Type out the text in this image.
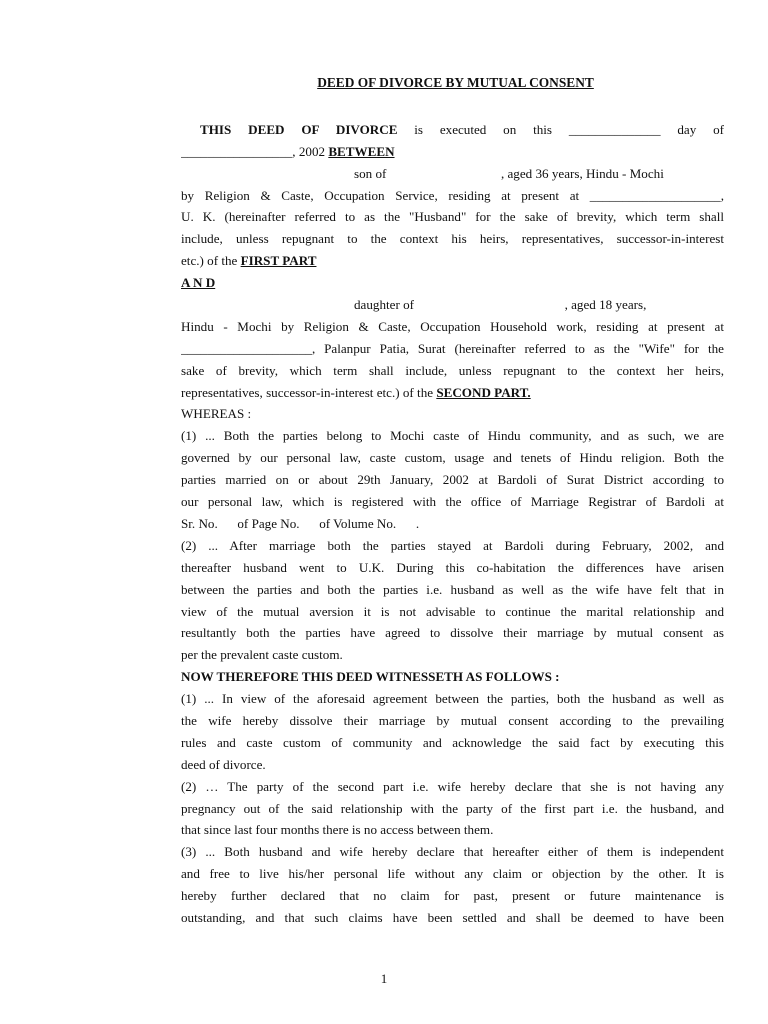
DEED OF DIVORCE BY MUTUAL CONSENT
THIS DEED OF DIVORCE is executed on this ______________ day of
_________________, 2002 BETWEEN
son of                                   , aged 36 years, Hindu - Mochi
by Religion & Caste, Occupation Service, residing at present at ____________________,
U. K. (hereinafter referred to as the "Husband" for the sake of brevity, which term shall
include, unless repugnant to the context his heirs, representatives, successor-in-interest
etc.) of the FIRST PART
A N D
daughter of                                              , aged 18 years,
Hindu - Mochi by Religion & Caste, Occupation Household work, residing at present at
____________________, Palanpur Patia, Surat (hereinafter referred to as the "Wife" for the
sake of brevity, which term shall include, unless repugnant to the context her heirs,
representatives, successor-in-interest etc.) of the SECOND PART.
WHEREAS :
(1) ... Both the parties belong to Mochi caste of Hindu community, and as such, we are
governed by our personal law, caste custom, usage and tenets of Hindu religion. Both the
parties married on or about 29th January, 2002 at Bardoli of Surat District according to
our personal law, which is registered with the office of Marriage Registrar of Bardoli at
Sr. No.      of Page No.      of Volume No.      .
(2) ... After marriage both the parties stayed at Bardoli during February, 2002, and
thereafter husband went to U.K. During this co-habitation the differences have arisen
between the parties and both the parties i.e. husband as well as the wife have felt that in
view of the mutual aversion it is not advisable to continue the marital relationship and
resultantly both the parties have agreed to dissolve their marriage by mutual consent as
per the prevalent caste custom.
NOW THEREFORE THIS DEED WITNESSETH AS FOLLOWS :
(1) ... In view of the aforesaid agreement between the parties, both the husband as well as
the wife hereby dissolve their marriage by mutual consent according to the prevailing
rules and caste custom of community and acknowledge the said fact by executing this
deed of divorce.
(2) … The party of the second part i.e. wife hereby declare that she is not having any
pregnancy out of the said relationship with the party of the first part i.e. the husband, and
that since last four months there is no access between them.
(3) ... Both husband and wife hereby declare that hereafter either of them is independent
and free to live his/her personal life without any claim or objection by the other. It is
hereby further declared that no claim for past, present or future maintenance is
outstanding, and that such claims have been settled and shall be deemed to have been
1
